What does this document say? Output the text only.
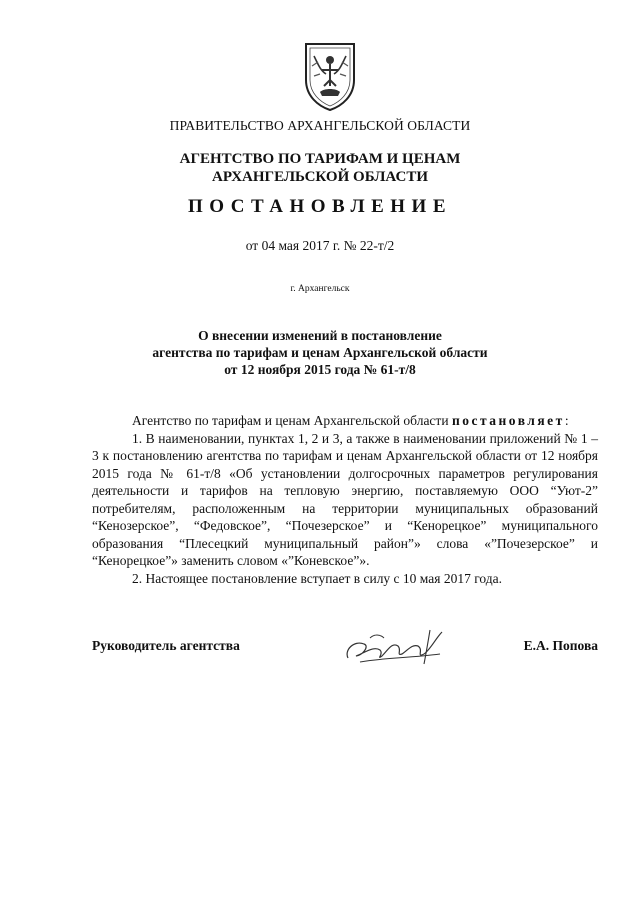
ПРАВИТЕЛЬСТВО АРХАНГЕЛЬСКОЙ ОБЛАСТИ
АГЕНТСТВО ПО ТАРИФАМ И ЦЕНАМ
АРХАНГЕЛЬСКОЙ ОБЛАСТИ
ПОСТАНОВЛЕНИЕ
от 04 мая 2017 г. № 22-т/2
г. Архангельск
О внесении изменений в постановление
агентства по тарифам и ценам Архангельской области
от 12 ноября 2015 года № 61-т/8

Агентство по тарифам и ценам Архангельской области постановляет:

1. В наименовании, пунктах 1, 2 и 3, а также в наименовании приложений № 1 – 3 к постановлению агентства по тарифам и ценам Архангельской области от 12 ноября 2015 года № 61-т/8 «Об установлении долгосрочных параметров регулирования деятельности и тарифов на тепловую энергию, поставляемую ООО “Уют-2” потребителям, расположенным на территории муниципальных образований “Кенозерское”, “Федовское”, “Почезерское” и “Кенорецкое” муниципального образования “Плесецкий муниципальный район”» слова «”Почезерское” и “Кенорецкое”» заменить словом «”Коневское”».

2. Настоящее постановление вступает в силу с 10 мая 2017 года.

Руководитель агентства	Е.А. Попова
